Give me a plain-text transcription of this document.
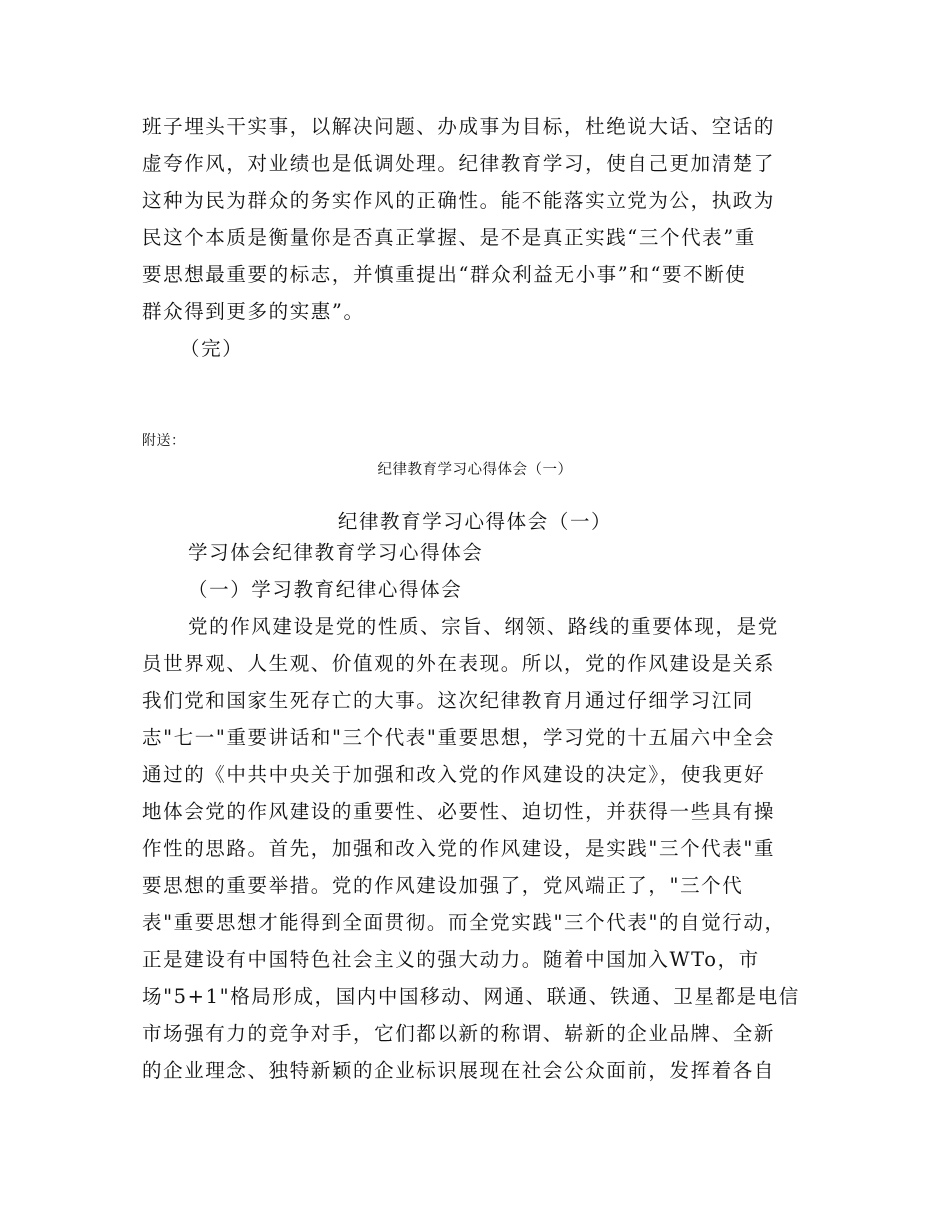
班子埋头干实事，以解决问题、办成事为目标，杜绝说大话、空话的
虚夸作风，对业绩也是低调处理。纪律教育学习，使自己更加清楚了
这种为民为群众的务实作风的正确性。能不能落实立党为公，执政为
民这个本质是衡量你是否真正掌握、是不是真正实践“三个代表”重
要思想最重要的标志，并慎重提出“群众利益无小事”和“要不断使
群众得到更多的实惠”。
（完）
附送：
纪律教育学习心得体会（一）
纪律教育学习心得体会（一）
学习体会纪律教育学习心得体会
（一）学习教育纪律心得体会
党的作风建设是党的性质、宗旨、纲领、路线的重要体现，是党
员世界观、人生观、价值观的外在表现。所以，党的作风建设是关系
我们党和国家生死存亡的大事。这次纪律教育月通过仔细学习江同
志"七一"重要讲话和"三个代表"重要思想，学习党的十五届六中全会
通过的《中共中央关于加强和改入党的作风建设的决定》，使我更好
地体会党的作风建设的重要性、必要性、迫切性，并获得一些具有操
作性的思路。首先，加强和改入党的作风建设，是实践"三个代表"重
要思想的重要举措。党的作风建设加强了，党风端正了，"三个代
表"重要思想才能得到全面贯彻。而全党实践"三个代表"的自觉行动，
正是建设有中国特色社会主义的强大动力。随着中国加入WTo，市
场"5+1"格局形成，国内中国移动、网通、联通、铁通、卫星都是电信
市场强有力的竞争对手，它们都以新的称谓、崭新的企业品牌、全新
的企业理念、独特新颖的企业标识展现在社会公众面前，发挥着各自
